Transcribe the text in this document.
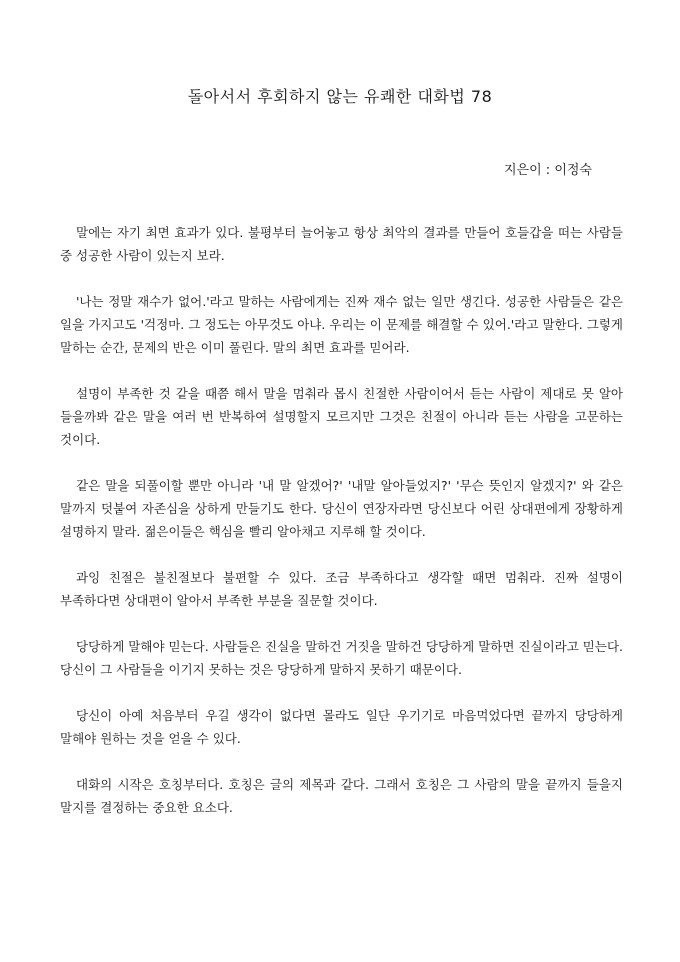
돌아서서 후회하지 않는 유쾌한 대화법 78

지은이 : 이정숙

말에는 자기 최면 효과가 있다. 불평부터 늘어놓고 항상 최악의 결과를 만들어 호들갑을 떠는 사람들 중 성공한 사람이 있는지 보라.

'나는 정말 재수가 없어.'라고 말하는 사람에게는 진짜 재수 없는 일만 생긴다. 성공한 사람들은 같은 일을 가지고도 '걱정마. 그 정도는 아무것도 아냐. 우리는 이 문제를 해결할 수 있어.'라고 말한다. 그렇게 말하는 순간, 문제의 반은 이미 풀린다. 말의 최면 효과를 믿어라.

설명이 부족한 것 같을 때쯤 해서 말을 멈춰라 몹시 친절한 사람이어서 듣는 사람이 제대로 못 알아 들을까봐 같은 말을 여러 번 반복하여 설명할지 모르지만 그것은 친절이 아니라 듣는 사람을 고문하는 것이다.

같은 말을 되풀이할 뿐만 아니라 '내 말 알겠어?' '내말 알아들었지?' '무슨 뜻인지 알겠지?' 와 같은 말까지 덧붙여 자존심을 상하게 만들기도 한다. 당신이 연장자라면 당신보다 어린 상대편에게 장황하게 설명하지 말라. 젊은이들은 핵심을 빨리 알아채고 지루해 할 것이다.

과잉 친절은 불친절보다 불편할 수 있다. 조금 부족하다고 생각할 때면 멈춰라. 진짜 설명이 부족하다면 상대편이 알아서 부족한 부분을 질문할 것이다.

당당하게 말해야 믿는다. 사람들은 진실을 말하건 거짓을 말하건 당당하게 말하면 진실이라고 믿는다. 당신이 그 사람들을 이기지 못하는 것은 당당하게 말하지 못하기 때문이다.

당신이 아예 처음부터 우길 생각이 없다면 몰라도 일단 우기기로 마음먹었다면 끝까지 당당하게 말해야 원하는 것을 얻을 수 있다.

대화의 시작은 호칭부터다. 호칭은 글의 제목과 같다. 그래서 호칭은 그 사람의 말을 끝까지 들을지 말지를 결정하는 중요한 요소다.
